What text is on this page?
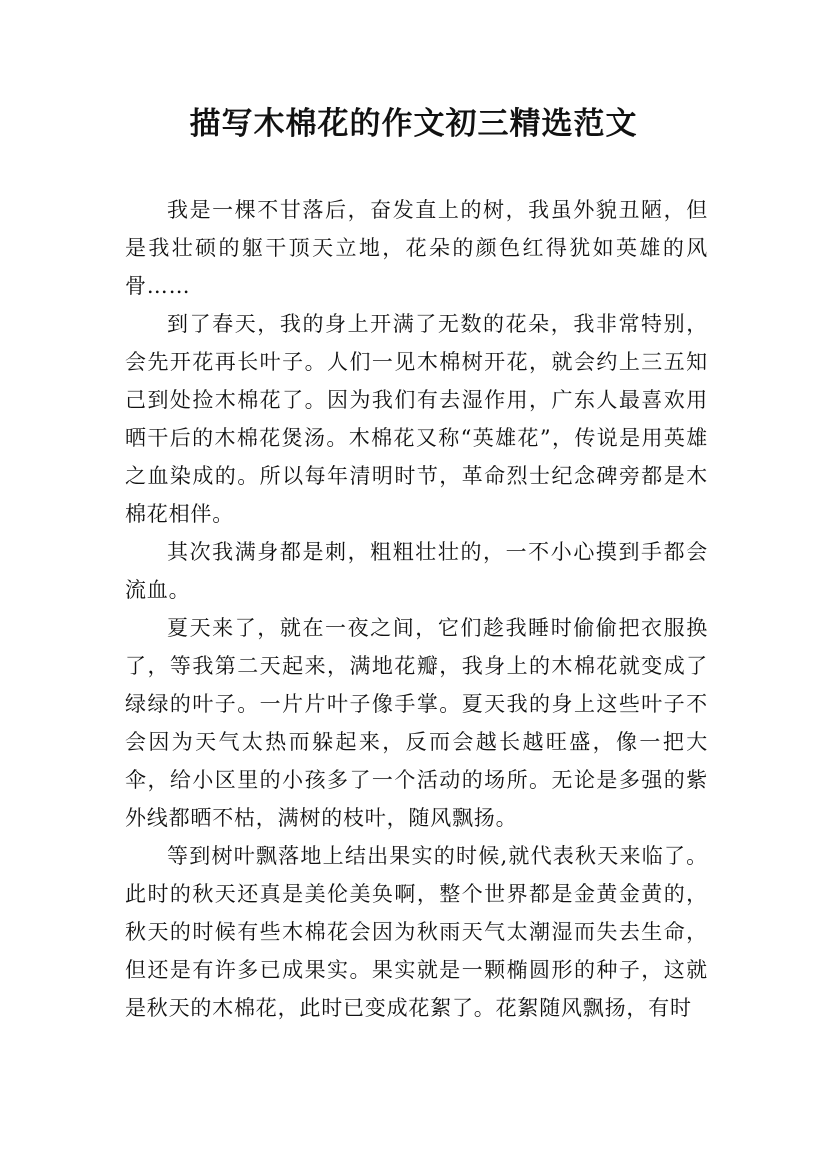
描写木棉花的作文初三精选范文

我是一棵不甘落后，奋发直上的树，我虽外貌丑陋，但是我壮硕的躯干顶天立地，花朵的颜色红得犹如英雄的风骨……

到了春天，我的身上开满了无数的花朵，我非常特别，会先开花再长叶子。人们一见木棉树开花，就会约上三五知己到处捡木棉花了。因为我们有去湿作用，广东人最喜欢用晒干后的木棉花煲汤。木棉花又称“英雄花”，传说是用英雄之血染成的。所以每年清明时节，革命烈士纪念碑旁都是木棉花相伴。

其次我满身都是刺，粗粗壮壮的，一不小心摸到手都会流血。

夏天来了，就在一夜之间，它们趁我睡时偷偷把衣服换了，等我第二天起来，满地花瓣，我身上的木棉花就变成了绿绿的叶子。一片片叶子像手掌。夏天我的身上这些叶子不会因为天气太热而躲起来，反而会越长越旺盛，像一把大伞，给小区里的小孩多了一个活动的场所。无论是多强的紫外线都晒不枯，满树的枝叶，随风飘扬。

等到树叶飘落地上结出果实的时候,就代表秋天来临了。此时的秋天还真是美伦美奂啊，整个世界都是金黄金黄的，秋天的时候有些木棉花会因为秋雨天气太潮湿而失去生命，但还是有许多已成果实。果实就是一颗椭圆形的种子，这就是秋天的木棉花，此时已变成花絮了。花絮随风飘扬，有时
